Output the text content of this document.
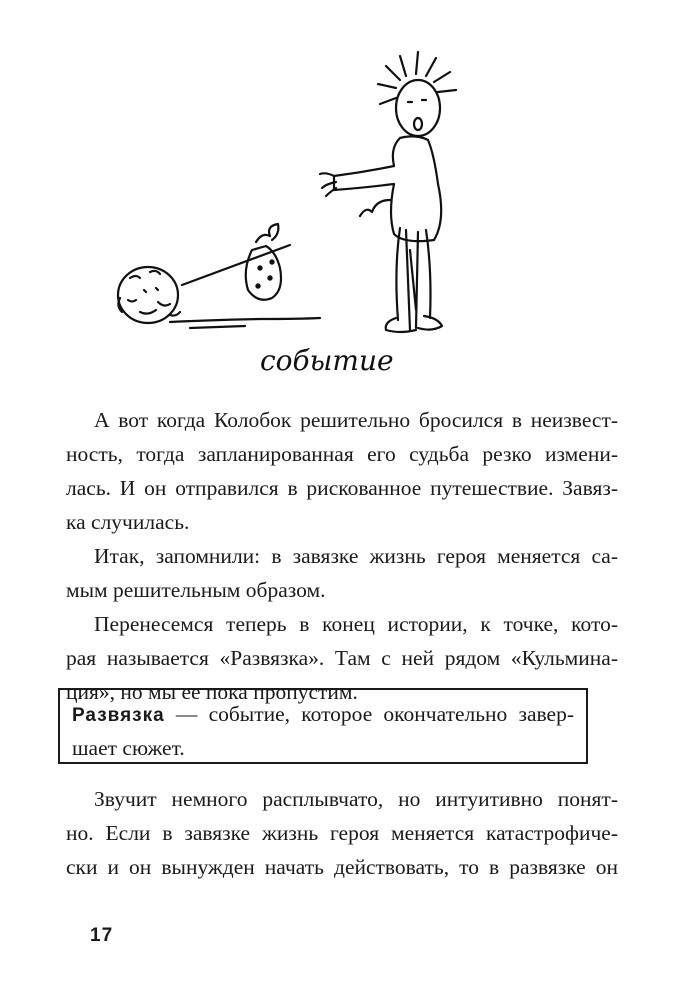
событие
А вот когда Колобок решительно бросился в неизвест-
ность, тогда запланированная его судьба резко измени-
лась. И он отправился в рискованное путешествие. Завяз-
ка случилась.
Итак, запомнили: в завязке жизнь героя меняется са-
мым решительным образом.
Перенесемся теперь в конец истории, к точке, кото-
рая называется «Развязка». Там с ней рядом «Кульмина-
ция», но мы ее пока пропустим.
Развязка — событие, которое окончательно завер-
шает сюжет.
Звучит немного расплывчато, но интуитивно понят-
но. Если в завязке жизнь героя меняется катастрофиче-
ски и он вынужден начать действовать, то в развязке он
17
